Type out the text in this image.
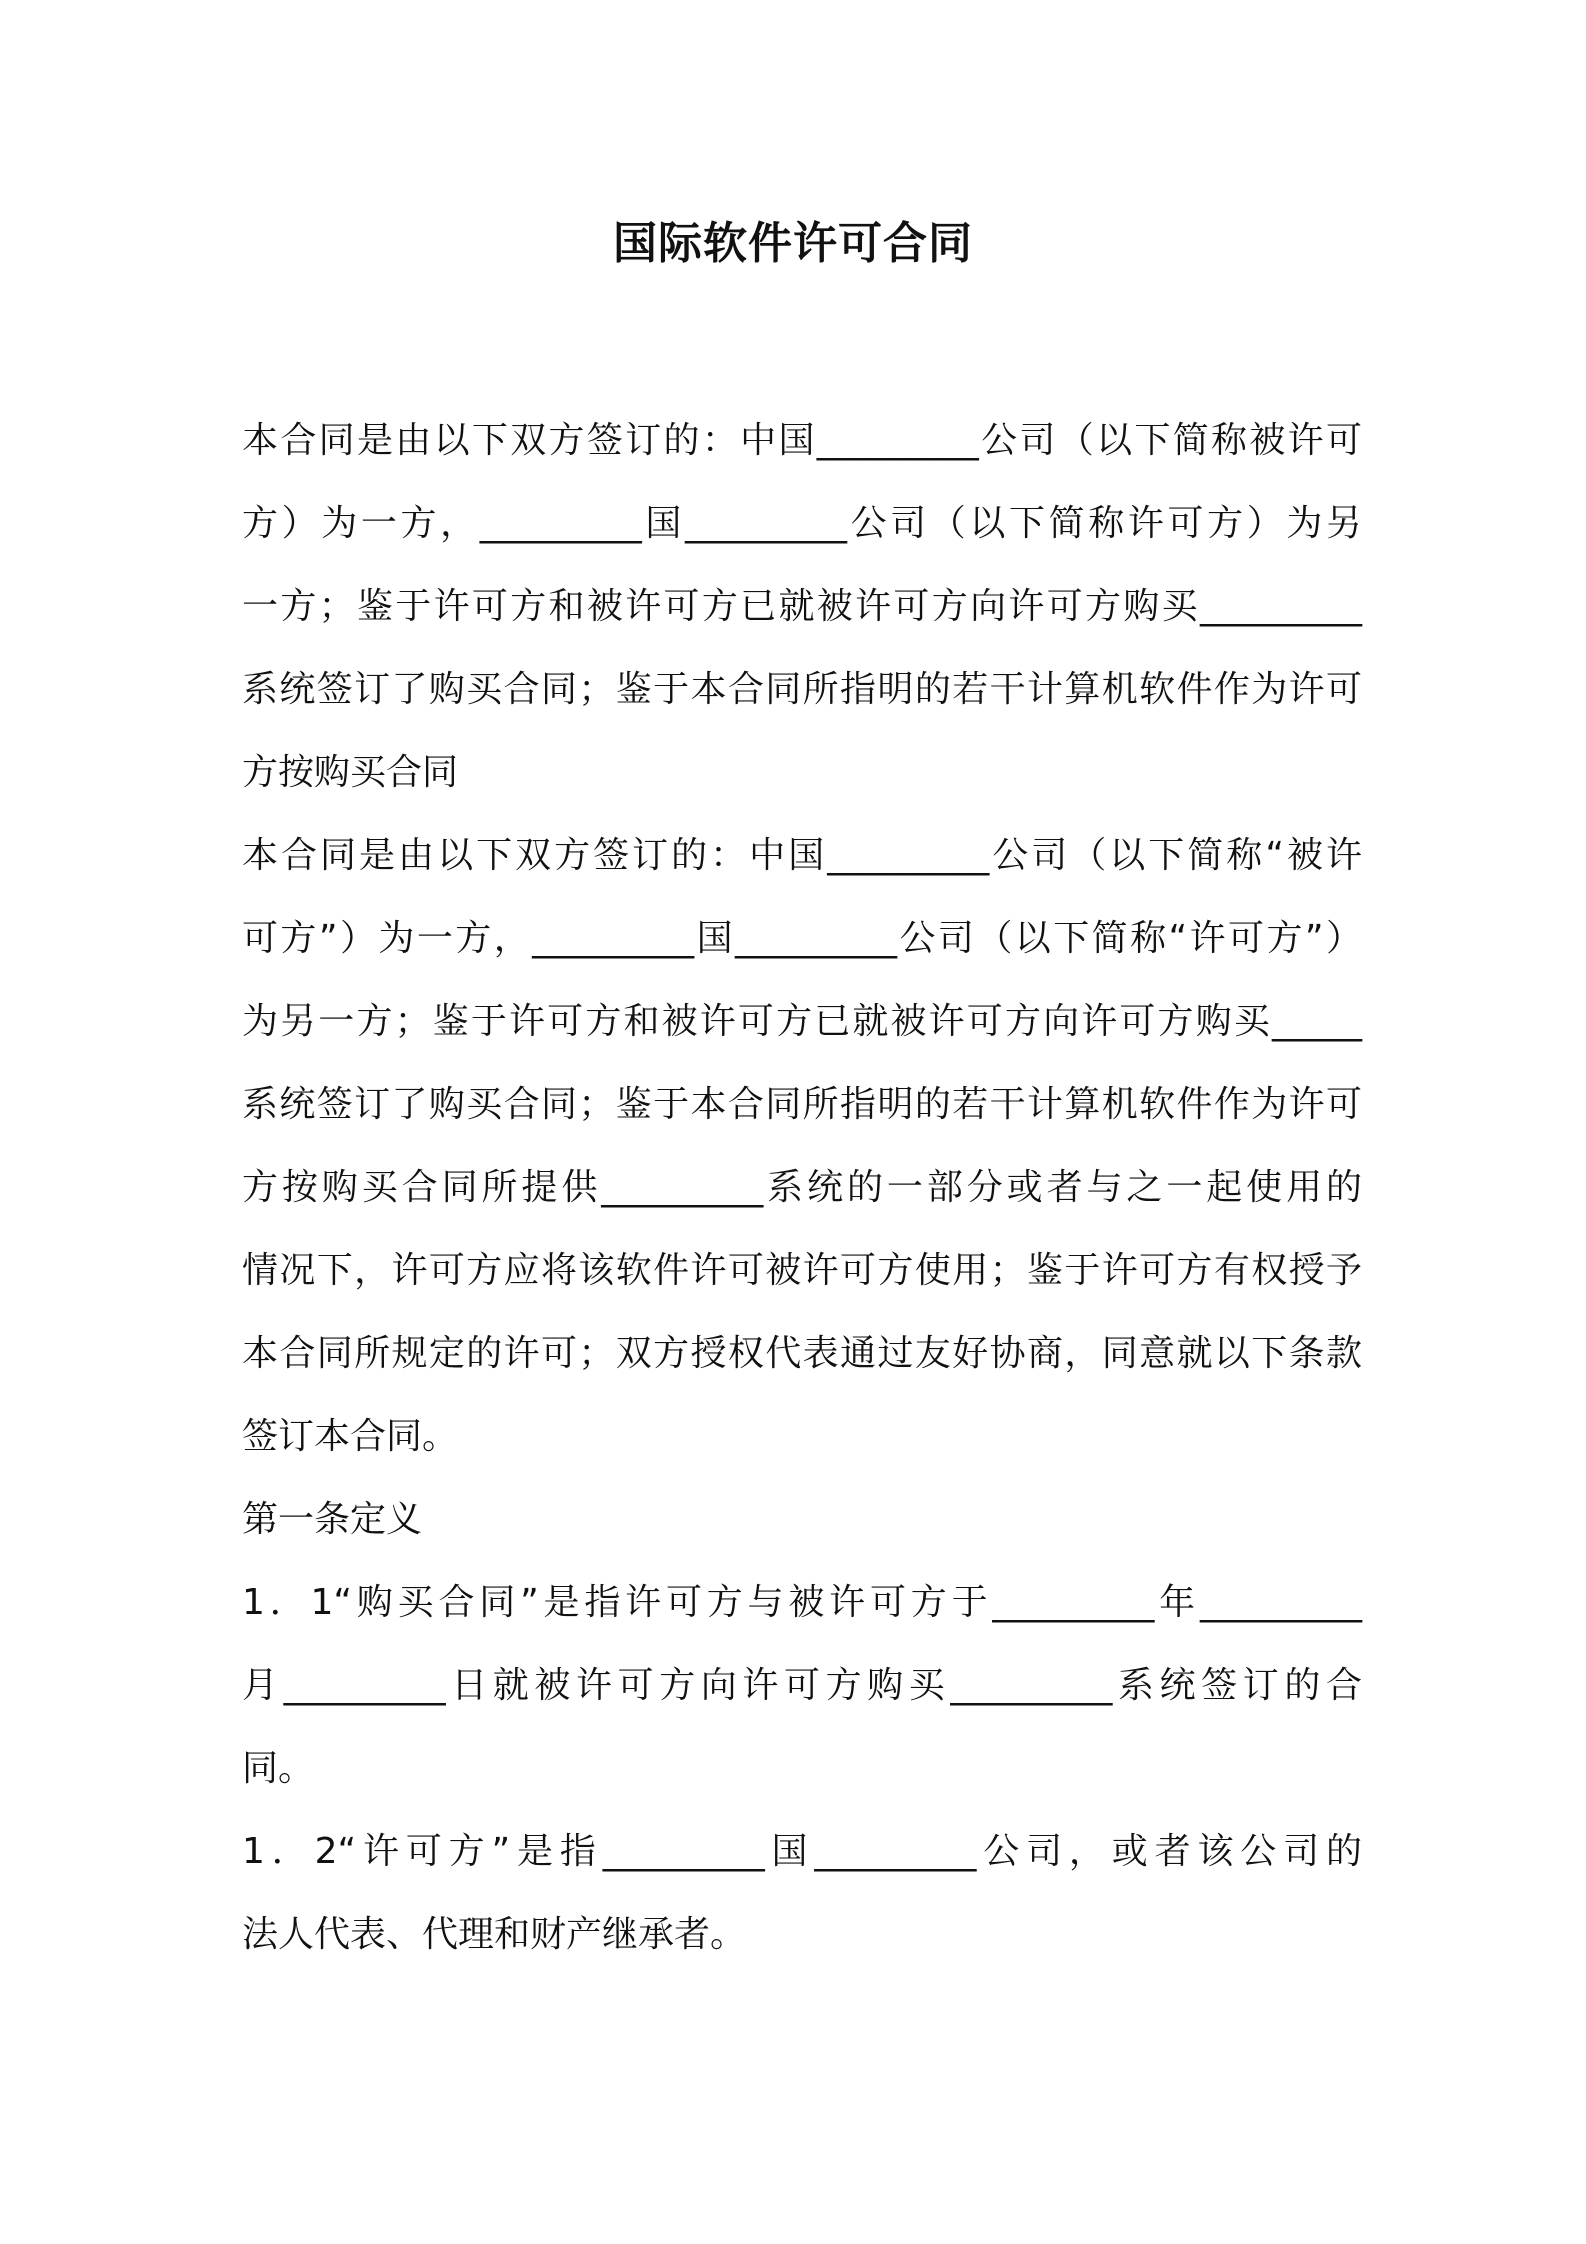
国际软件许可合同

本合同是由以下双方签订的：中国_________公司（以下简称被许可

方）为一方，_________国_________公司（以下简称许可方）为另

一方；鉴于许可方和被许可方已就被许可方向许可方购买_________

系统签订了购买合同；鉴于本合同所指明的若干计算机软件作为许可

方按购买合同

本合同是由以下双方签订的：中国_________公司（以下简称“被许

可方”）为一方，_________国_________公司（以下简称“许可方”）

为另一方；鉴于许可方和被许可方已就被许可方向许可方购买_____

系统签订了购买合同；鉴于本合同所指明的若干计算机软件作为许可

方按购买合同所提供_________系统的一部分或者与之一起使用的

情况下，许可方应将该软件许可被许可方使用；鉴于许可方有权授予

本合同所规定的许可；双方授权代表通过友好协商，同意就以下条款

签订本合同。

第一条定义

1．1“购买合同”是指许可方与被许可方于_________年_________

月_________日就被许可方向许可方购买_________系统签订的合

同。

1．2“许可方”是指_________国_________公司，或者该公司的

法人代表、代理和财产继承者。
